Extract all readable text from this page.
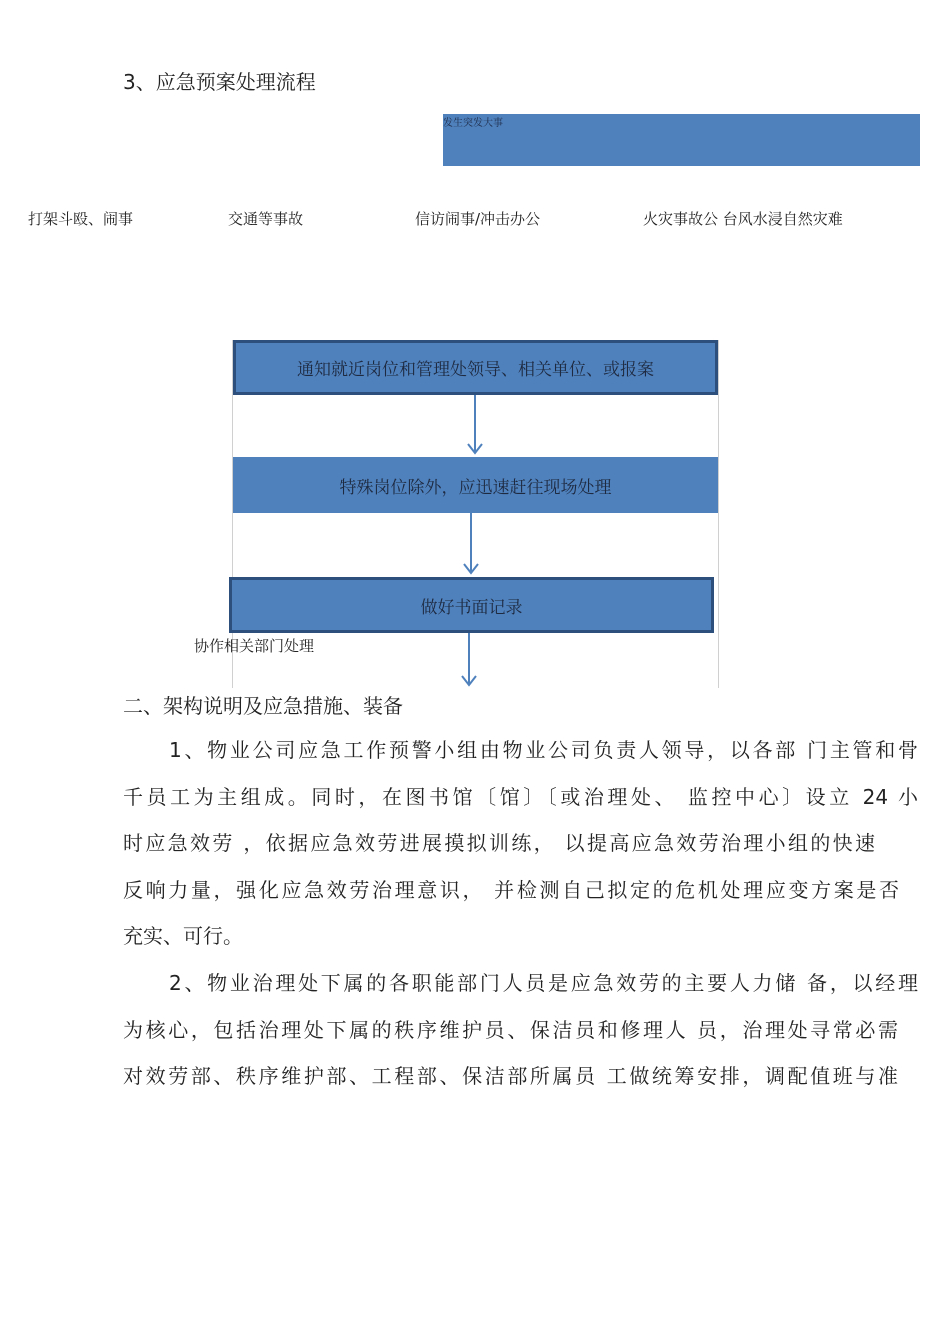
3、应急预案处理流程
发生突发大事
打架斗殴、闹事	交通等事故	信访闹事/冲击办公	火灾事故公 台风水浸自然灾难
通知就近岗位和管理处领导、相关单位、或报案
特殊岗位除外，应迅速赶往现场处理
做好书面记录
协作相关部门处理
二、架构说明及应急措施、装备
1、物业公司应急工作预警小组由物业公司负责人领导，以各部 门主管和骨
千员工为主组成。同时，在图书馆〔馆〕〔或治理处、 监控中心〕设立 24 小
时应急效劳 ，依据应急效劳进展摸拟训练， 以提高应急效劳治理小组的快速
反响力量，强化应急效劳治理意识， 并检测自己拟定的危机处理应变方案是否
充实、可行。
2、物业治理处下属的各职能部门人员是应急效劳的主要人力储 备，以经理
为核心，包括治理处下属的秩序维护员、保洁员和修理人 员，治理处寻常必需
对效劳部、秩序维护部、工程部、保洁部所属员 工做统筹安排，调配值班与准
